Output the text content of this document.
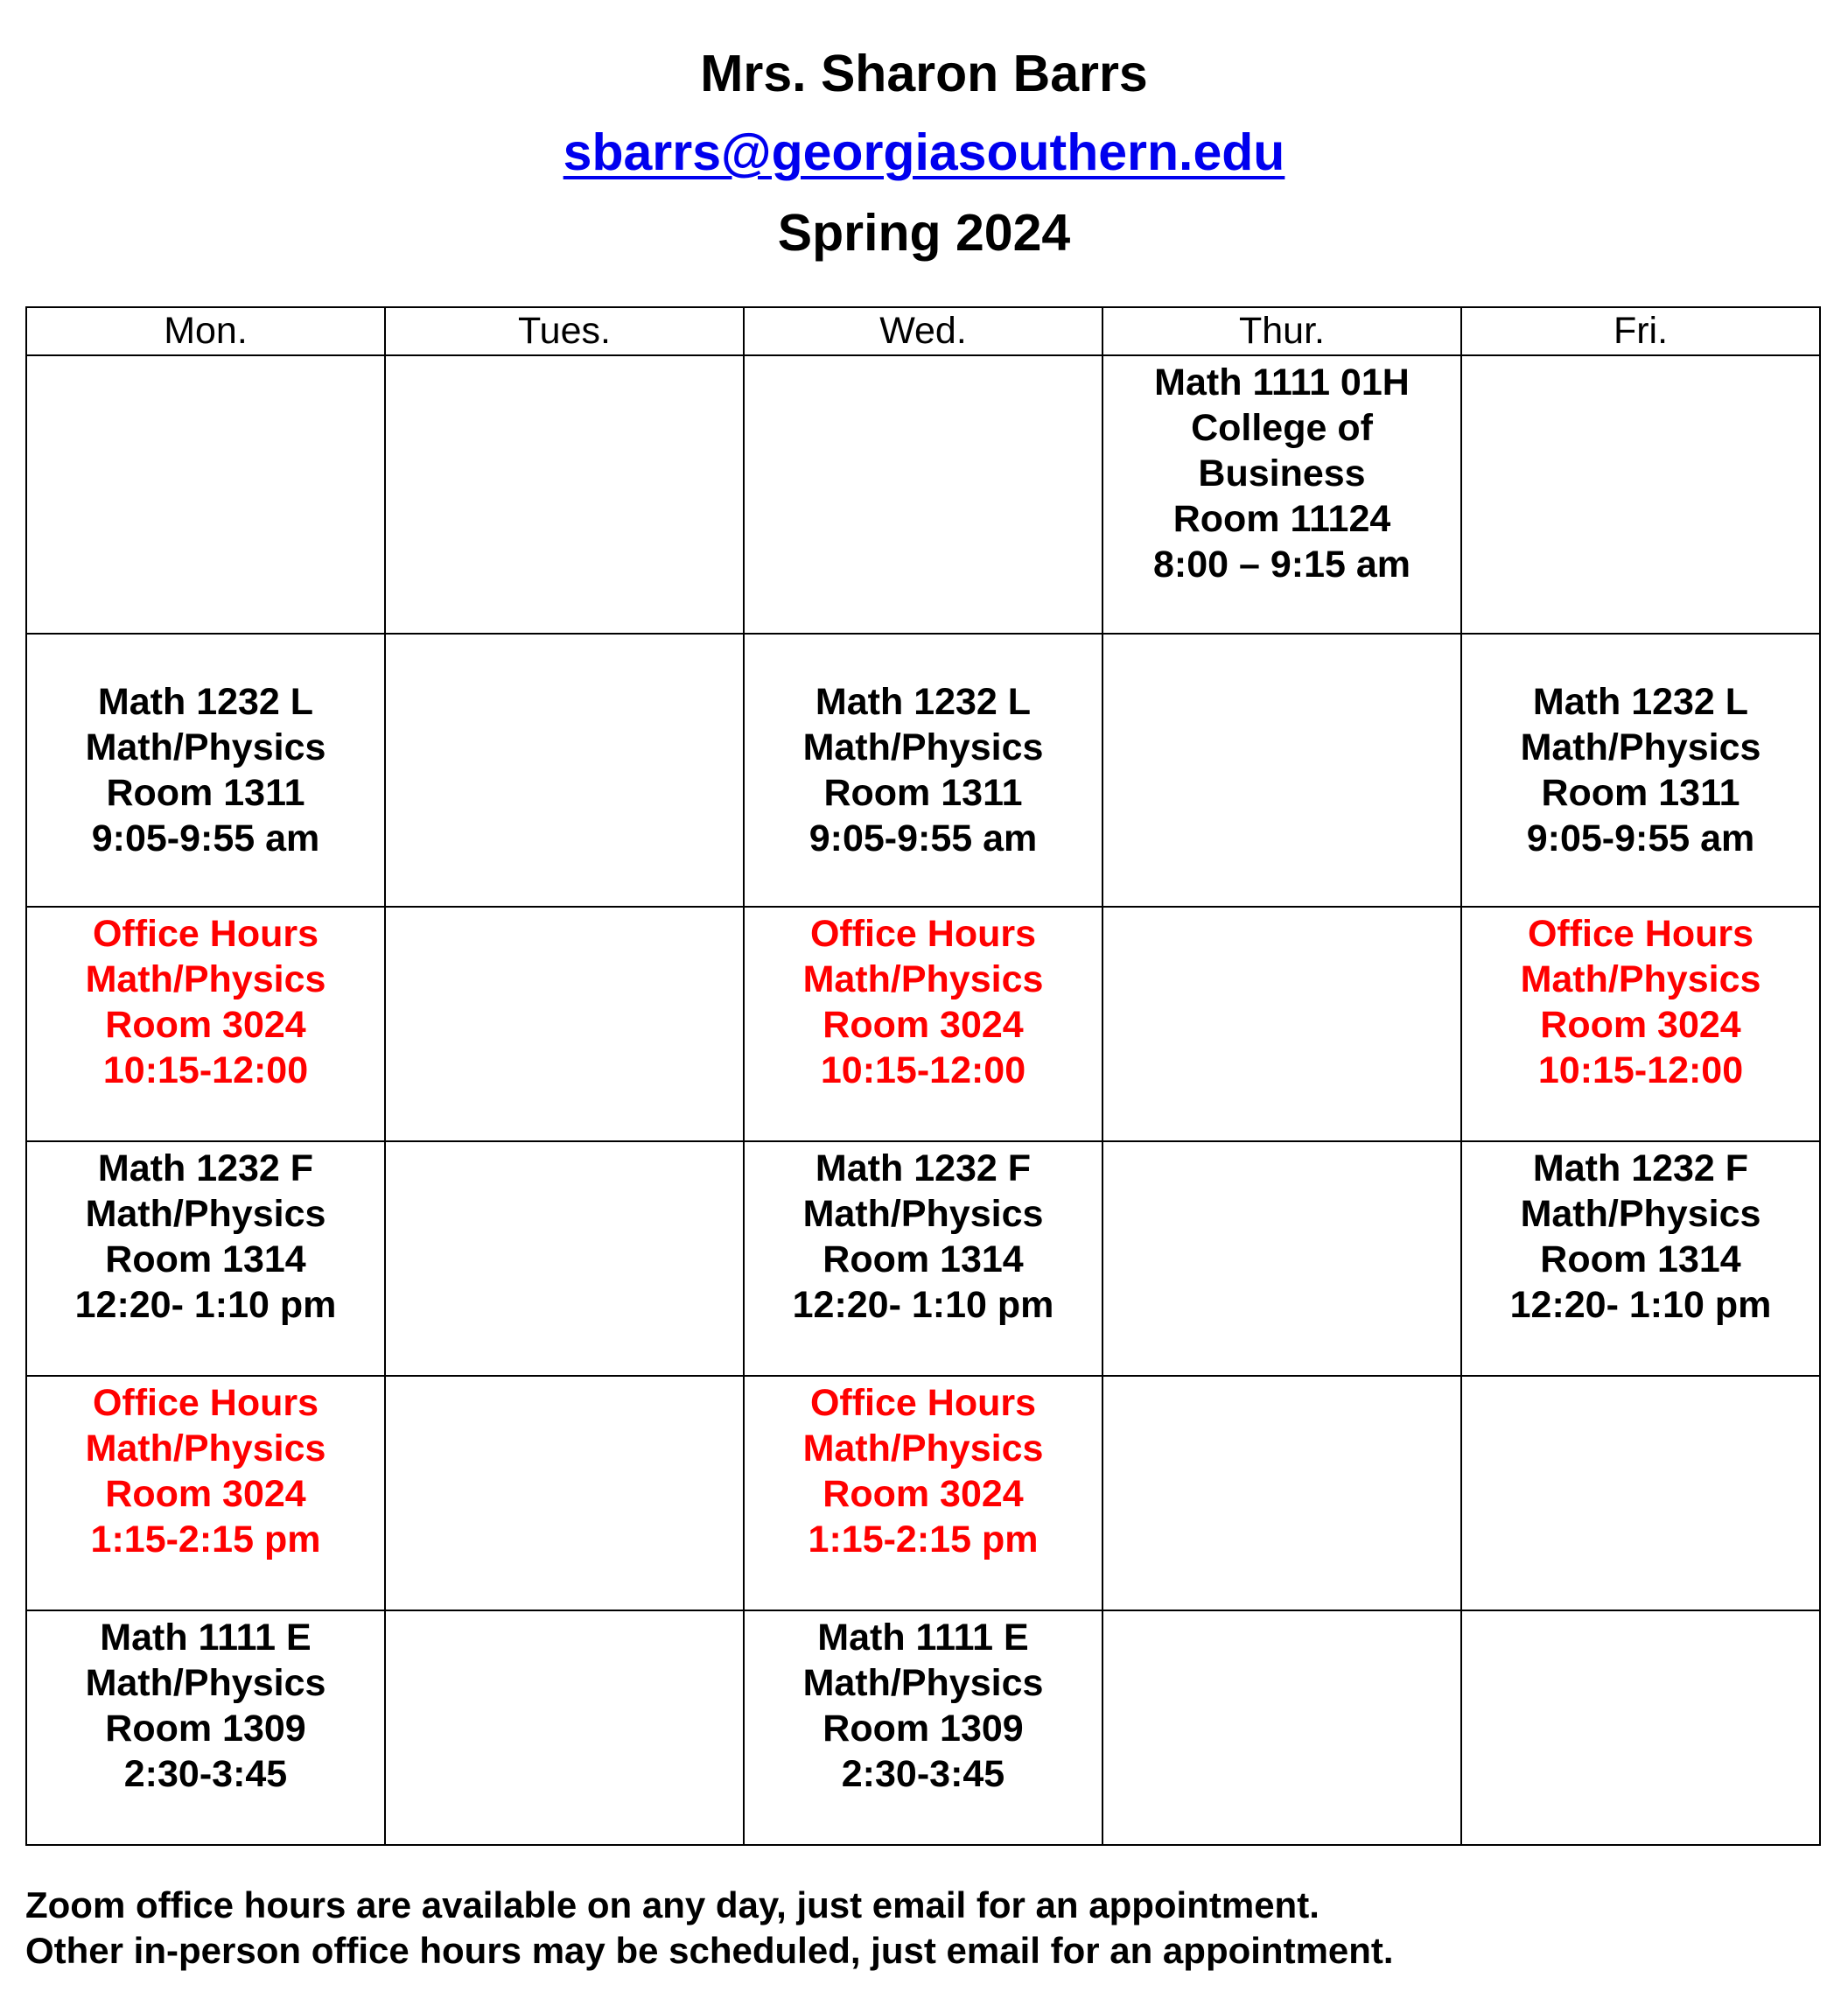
Mrs. Sharon Barrs
sbarrs@georgiasouthern.edu
Spring 2024
Mon.	Tues.	Wed.	Thur.	Fri.

			Math 1111 01H
College of
Business
Room 11124
8:00 – 9:15 am	

Math 1232 L
Math/Physics
Room 1311
9:05-9:55 am		Math 1232 L
Math/Physics
Room 1311
9:05-9:55 am		Math 1232 L
Math/Physics
Room 1311
9:05-9:55 am

Office Hours
Math/Physics
Room 3024
10:15-12:00		Office Hours
Math/Physics
Room 3024
10:15-12:00		Office Hours
Math/Physics
Room 3024
10:15-12:00

Math 1232 F
Math/Physics
Room 1314
12:20- 1:10 pm		Math 1232 F
Math/Physics
Room 1314
12:20- 1:10 pm		Math 1232 F
Math/Physics
Room 1314
12:20- 1:10 pm

Office Hours
Math/Physics
Room 3024
1:15-2:15 pm		Office Hours
Math/Physics
Room 3024
1:15-2:15 pm		

Math 1111 E
Math/Physics
Room 1309
2:30-3:45		Math 1111 E
Math/Physics
Room 1309
2:30-3:45		

Zoom office hours are available on any day, just email for an appointment.
Other in-person office hours may be scheduled, just email for an appointment.
